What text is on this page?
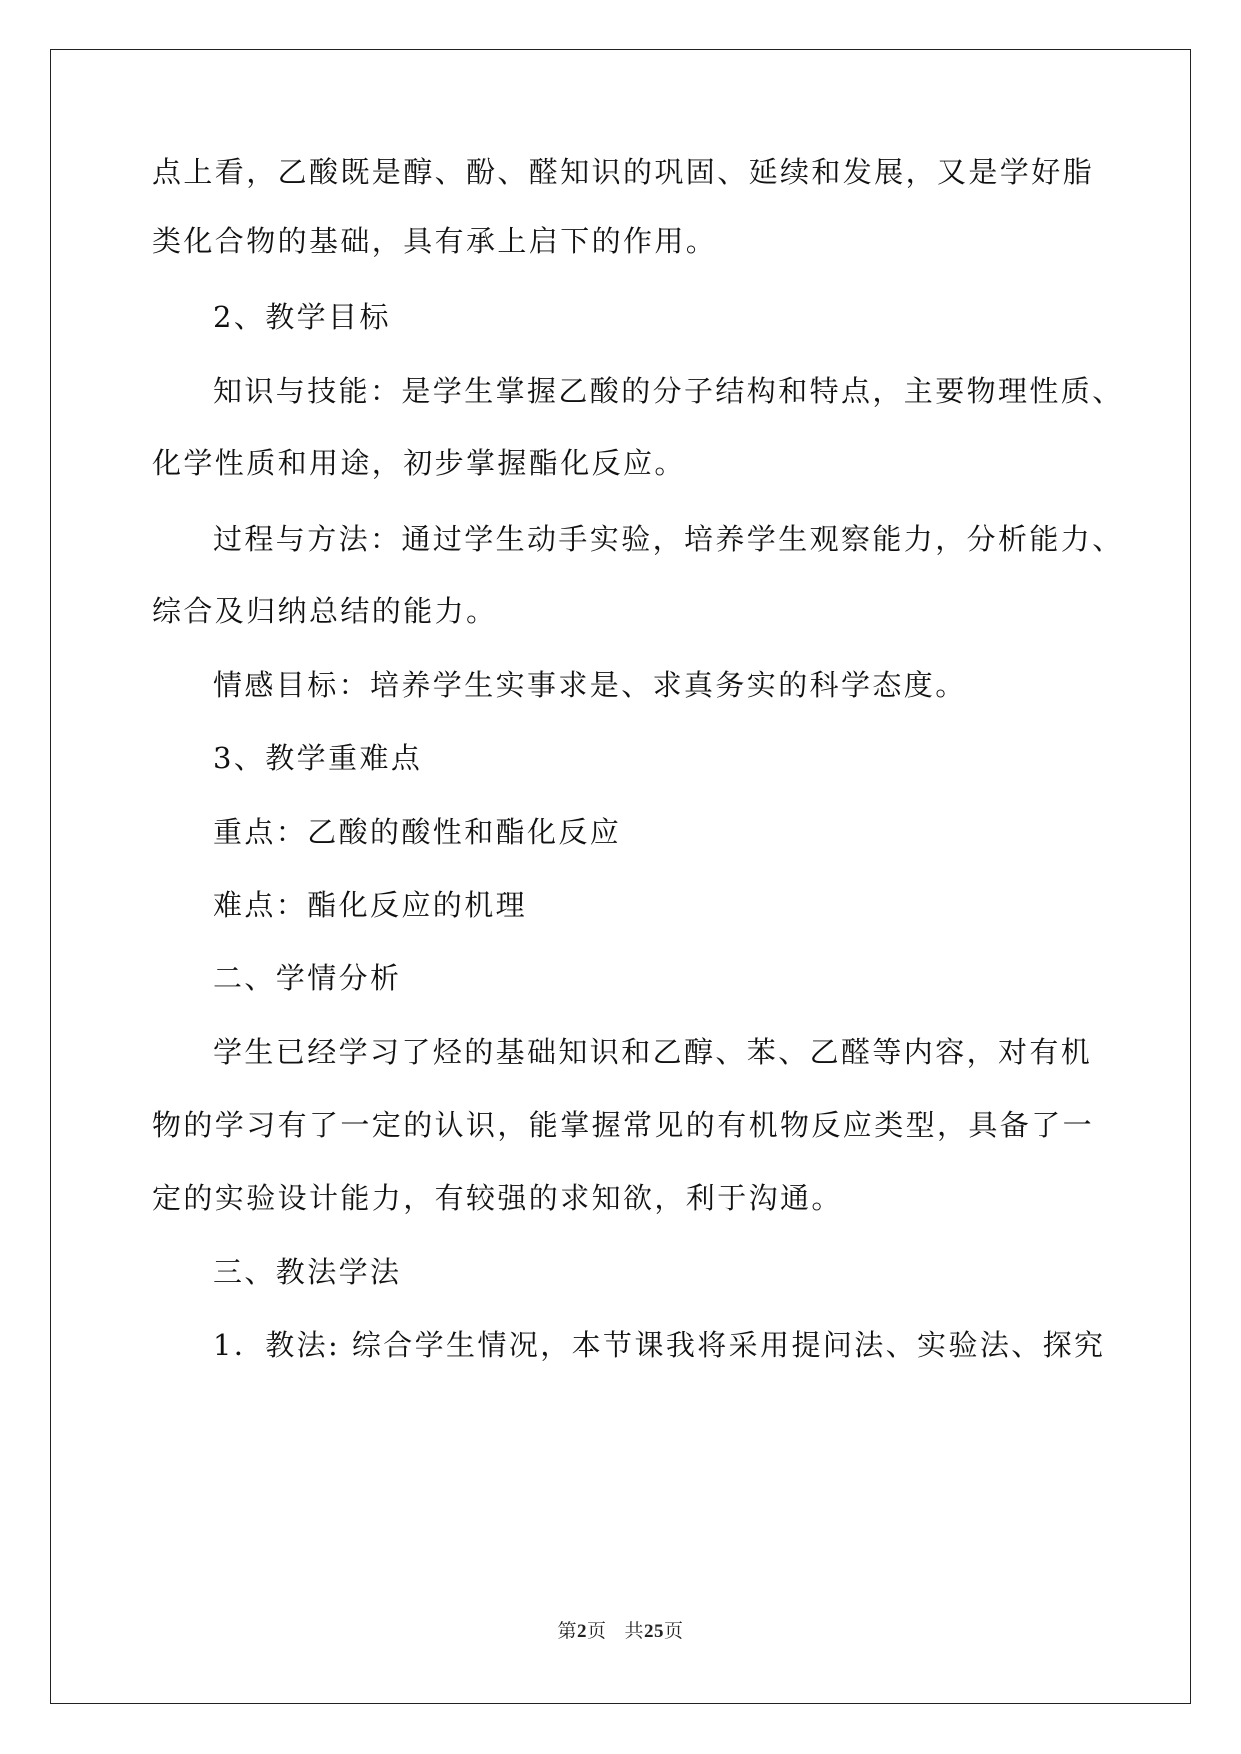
点上看，乙酸既是醇、酚、醛知识的巩固、延续和发展，又是学好脂
类化合物的基础，具有承上启下的作用。
2、教学目标
知识与技能：是学生掌握乙酸的分子结构和特点，主要物理性质、
化学性质和用途，初步掌握酯化反应。
过程与方法：通过学生动手实验，培养学生观察能力，分析能力、
综合及归纳总结的能力。
情感目标：培养学生实事求是、求真务实的科学态度。
3、教学重难点
重点：乙酸的酸性和酯化反应
难点：酯化反应的机理
二、学情分析
学生已经学习了烃的基础知识和乙醇、苯、乙醛等内容，对有机
物的学习有了一定的认识，能掌握常见的有机物反应类型，具备了一
定的实验设计能力，有较强的求知欲，利于沟通。
三、教法学法
1．教法: 综合学生情况，本节课我将采用提问法、实验法、探究
第2页 共25页
